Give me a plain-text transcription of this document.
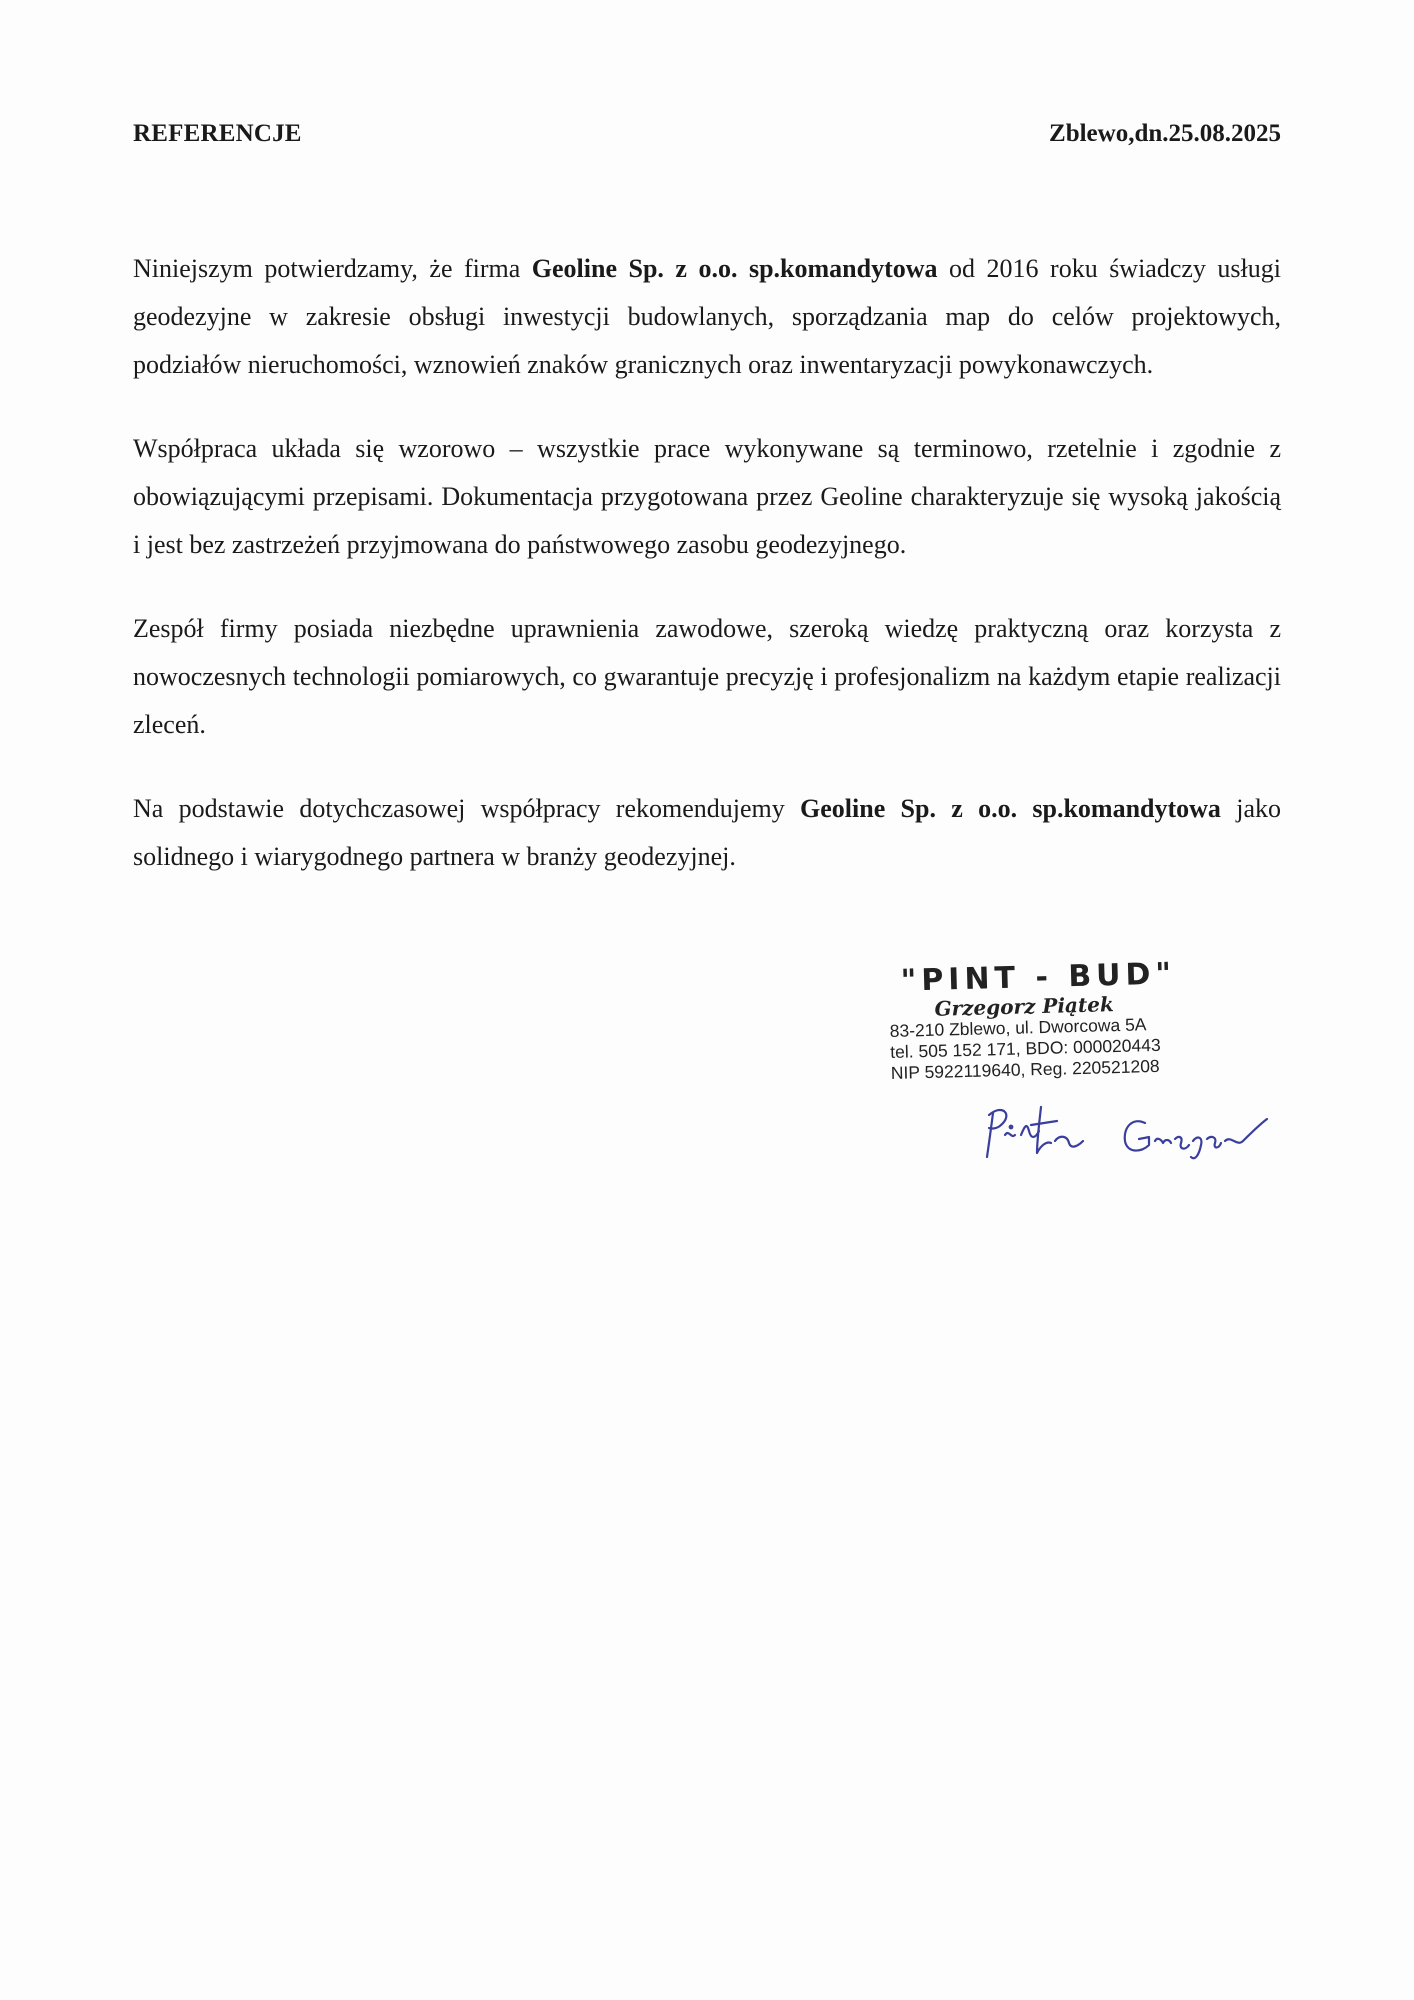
REFERENCJE	Zblewo,dn.25.08.2025

Niniejszym potwierdzamy, że firma Geoline Sp. z o.o. sp.komandytowa od 2016 roku świadczy usługi geodezyjne w zakresie obsługi inwestycji budowlanych, sporządzania map do celów projektowych, podziałów nieruchomości, wznowień znaków granicznych oraz inwentaryzacji powykonawczych.

Współpraca układa się wzorowo – wszystkie prace wykonywane są terminowo, rzetelnie i zgodnie z obowiązującymi przepisami. Dokumentacja przygotowana przez Geoline charakteryzuje się wysoką jakością i jest bez zastrzeżeń przyjmowana do państwowego zasobu geodezyjnego.

Zespół firmy posiada niezbędne uprawnienia zawodowe, szeroką wiedzę praktyczną oraz korzysta z nowoczesnych technologii pomiarowych, co gwarantuje precyzję i profesjonalizm na każdym etapie realizacji zleceń.

Na podstawie dotychczasowej współpracy rekomendujemy Geoline Sp. z o.o. sp.komandytowa jako solidnego i wiarygodnego partnera w branży geodezyjnej.

"PINT - BUD"
Grzegorz Piątek
83-210 Zblewo, ul. Dworcowa 5A
tel. 505 152 171, BDO: 000020443
NIP 5922119640, Reg. 220521208
